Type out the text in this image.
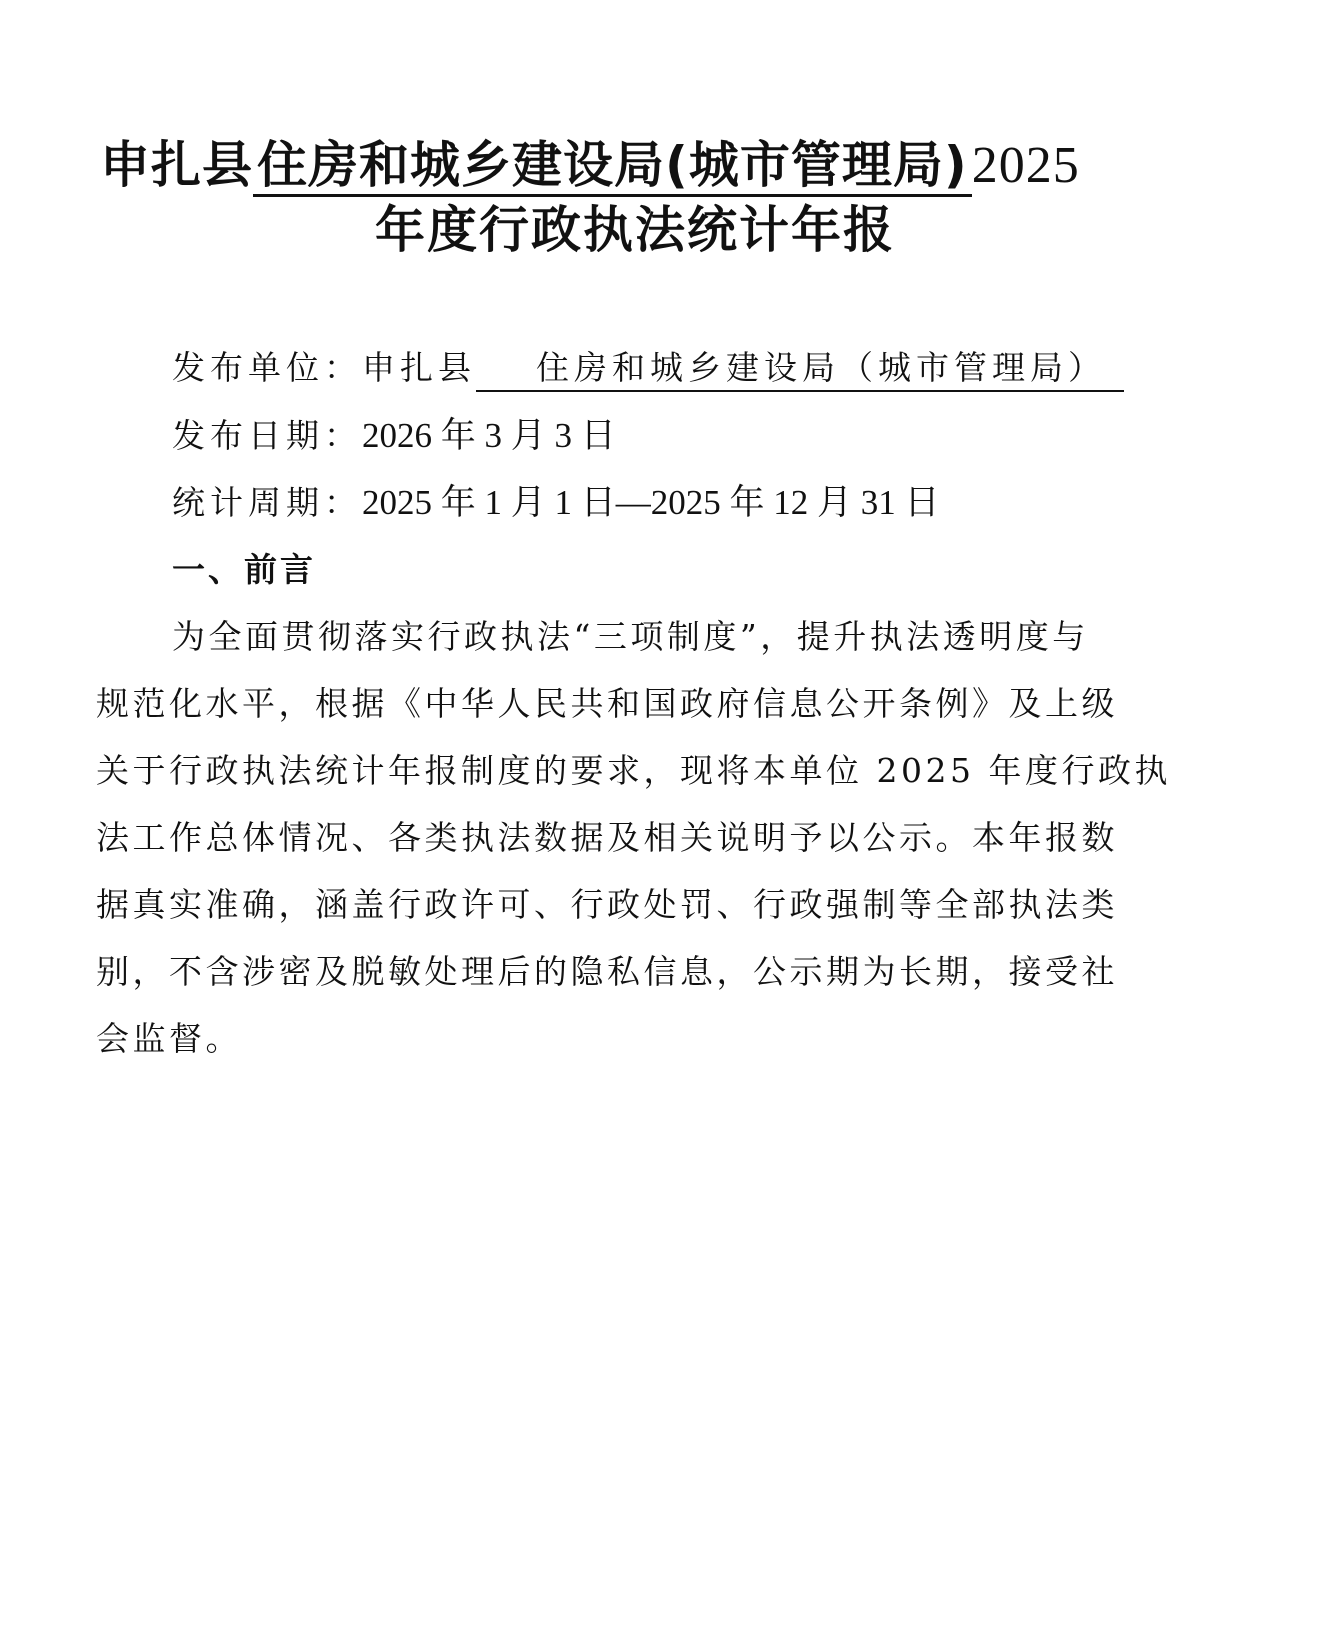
申扎县住房和城乡建设局(城市管理局)2025
年度行政执法统计年报
发布单位：申扎县 住房和城乡建设局（城市管理局）
发布日期：2026 年 3 月 3 日
统计周期：2025 年 1 月 1 日—2025 年 12 月 31 日
一、前言
为全面贯彻落实行政执法“三项制度”，提升执法透明度与
规范化水平，根据《中华人民共和国政府信息公开条例》及上级
关于行政执法统计年报制度的要求，现将本单位 2025 年度行政执
法工作总体情况、各类执法数据及相关说明予以公示。本年报数
据真实准确，涵盖行政许可、行政处罚、行政强制等全部执法类
别，不含涉密及脱敏处理后的隐私信息，公示期为长期，接受社
会监督。
